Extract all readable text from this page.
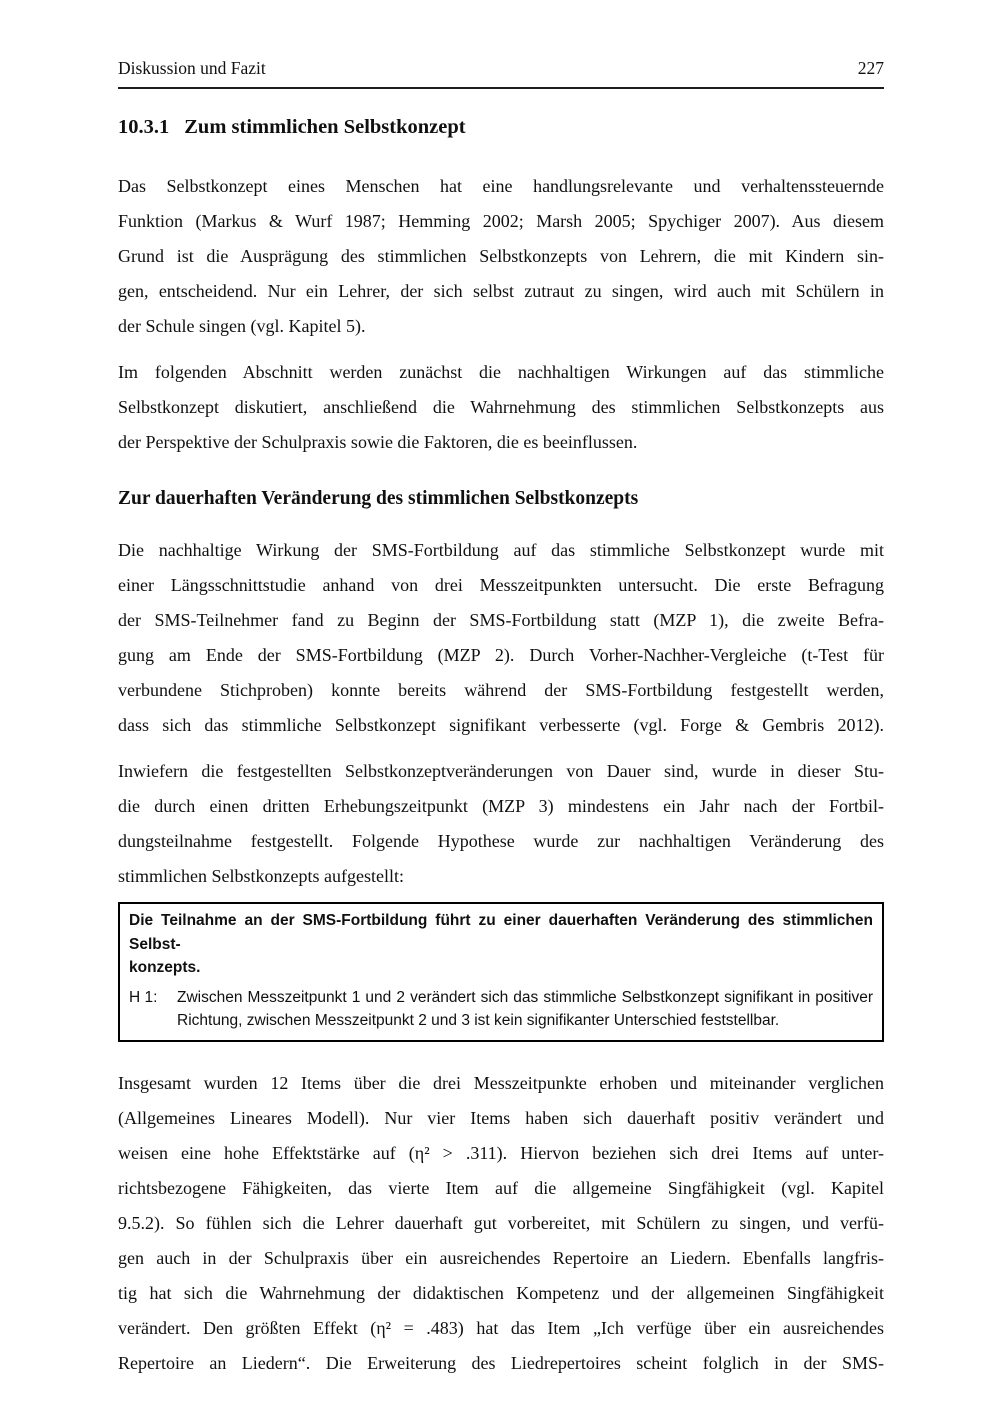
Diskussion und Fazit	227
10.3.1 Zum stimmlichen Selbstkonzept
Das Selbstkonzept eines Menschen hat eine handlungsrelevante und verhaltenssteuernde
Funktion (Markus & Wurf 1987; Hemming 2002; Marsh 2005; Spychiger 2007). Aus diesem
Grund ist die Ausprägung des stimmlichen Selbstkonzepts von Lehrern, die mit Kindern sin-
gen, entscheidend. Nur ein Lehrer, der sich selbst zutraut zu singen, wird auch mit Schülern in
der Schule singen (vgl. Kapitel 5).
Im folgenden Abschnitt werden zunächst die nachhaltigen Wirkungen auf das stimmliche
Selbstkonzept diskutiert, anschließend die Wahrnehmung des stimmlichen Selbstkonzepts aus
der Perspektive der Schulpraxis sowie die Faktoren, die es beeinflussen.
Zur dauerhaften Veränderung des stimmlichen Selbstkonzepts
Die nachhaltige Wirkung der SMS-Fortbildung auf das stimmliche Selbstkonzept wurde mit
einer Längsschnittstudie anhand von drei Messzeitpunkten untersucht. Die erste Befragung
der SMS-Teilnehmer fand zu Beginn der SMS-Fortbildung statt (MZP 1), die zweite Befra-
gung am Ende der SMS-Fortbildung (MZP 2). Durch Vorher-Nachher-Vergleiche (t-Test für
verbundene Stichproben) konnte bereits während der SMS-Fortbildung festgestellt werden,
dass sich das stimmliche Selbstkonzept signifikant verbesserte (vgl. Forge & Gembris 2012).
Inwiefern die festgestellten Selbstkonzeptveränderungen von Dauer sind, wurde in dieser Stu-
die durch einen dritten Erhebungszeitpunkt (MZP 3) mindestens ein Jahr nach der Fortbil-
dungsteilnahme festgestellt. Folgende Hypothese wurde zur nachhaltigen Veränderung des
stimmlichen Selbstkonzepts aufgestellt:
Die Teilnahme an der SMS-Fortbildung führt zu einer dauerhaften Veränderung des stimmlichen Selbst-
konzepts.
H 1:	Zwischen Messzeitpunkt 1 und 2 verändert sich das stimmliche Selbstkonzept signifikant in positiver
Richtung, zwischen Messzeitpunkt 2 und 3 ist kein signifikanter Unterschied feststellbar.
Insgesamt wurden 12 Items über die drei Messzeitpunkte erhoben und miteinander verglichen
(Allgemeines Lineares Modell). Nur vier Items haben sich dauerhaft positiv verändert und
weisen eine hohe Effektstärke auf (η² > .311). Hiervon beziehen sich drei Items auf unter-
richtsbezogene Fähigkeiten, das vierte Item auf die allgemeine Singfähigkeit (vgl. Kapitel
9.5.2). So fühlen sich die Lehrer dauerhaft gut vorbereitet, mit Schülern zu singen, und verfü-
gen auch in der Schulpraxis über ein ausreichendes Repertoire an Liedern. Ebenfalls langfris-
tig hat sich die Wahrnehmung der didaktischen Kompetenz und der allgemeinen Singfähigkeit
verändert. Den größten Effekt (η² = .483) hat das Item „Ich verfüge über ein ausreichendes
Repertoire an Liedern“. Die Erweiterung des Liedrepertoires scheint folglich in der SMS-
